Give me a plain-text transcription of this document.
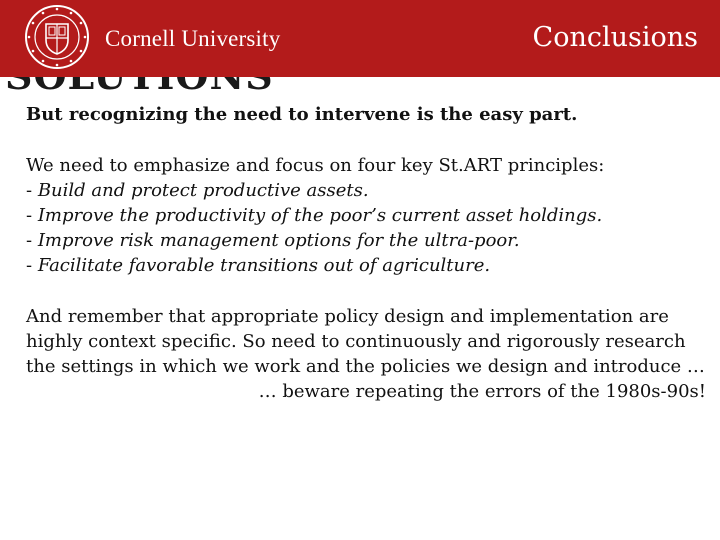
Cornell University	Conclusions

But recognizing the need to intervene is the easy part.

We need to emphasize and focus on four key St.ART principles:

- Build and protect productive assets.
- Improve the productivity of the poor’s current asset holdings.
- Improve risk management options for the ultra-poor.
- Facilitate favorable transitions out of agriculture.

And remember that appropriate policy design and implementation are highly context specific. So need to continuously and rigorously research the settings in which we work and the policies we design and introduce …

… beware repeating the errors of the 1980s-90s!
